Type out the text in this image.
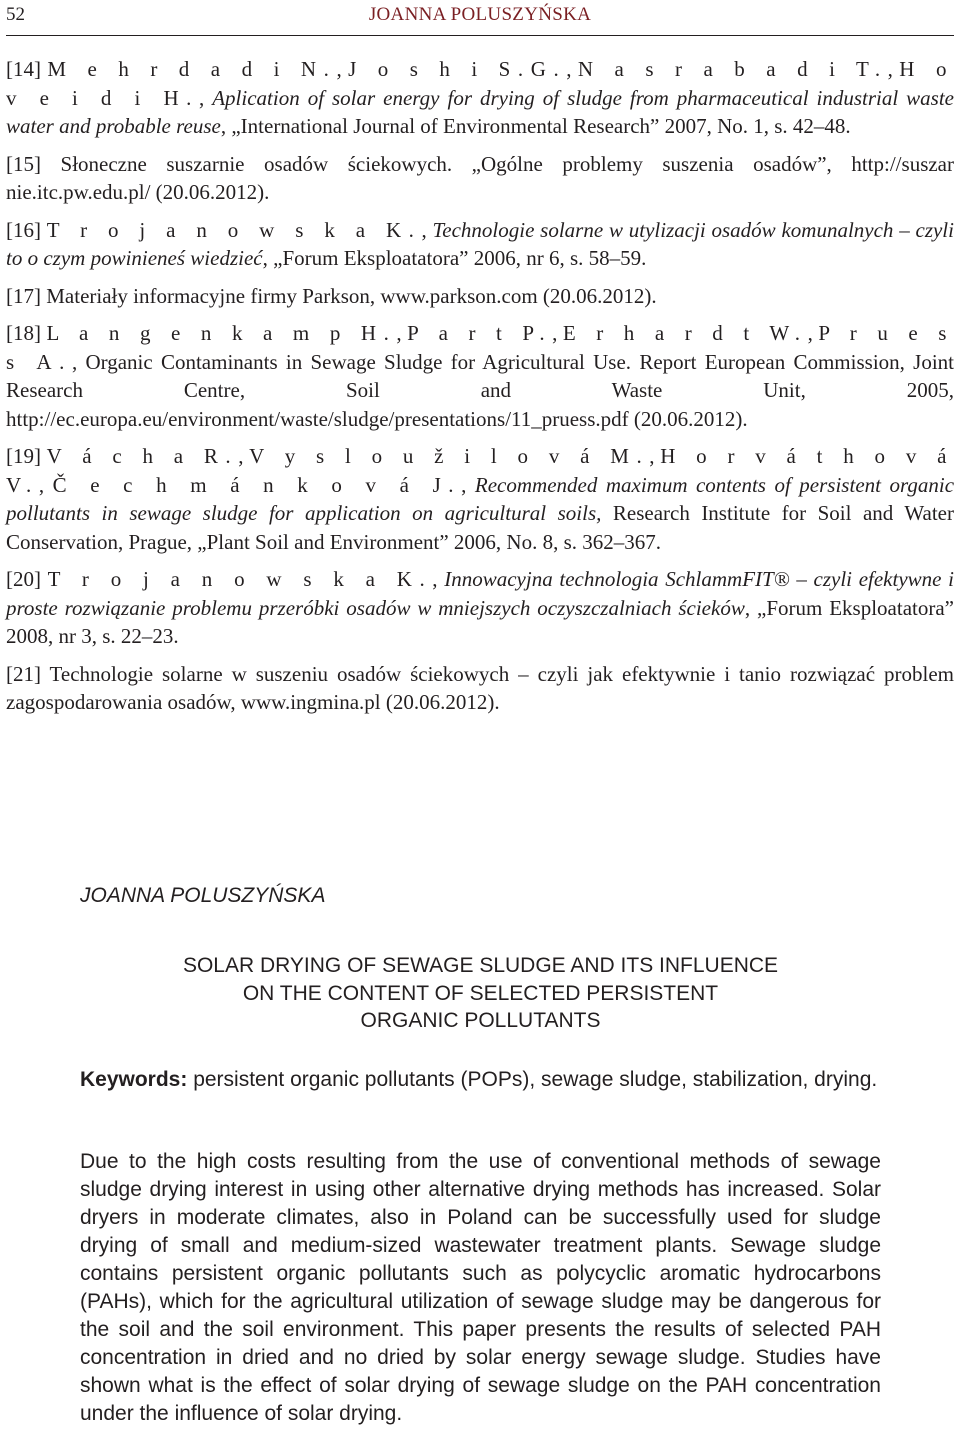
52	JOANNA POLUSZYŃSKA

[14] M e h r d a d i N., J o s h i S.G., N a s r a b a d i T., H o v e i d i H., Aplication of solar energy for drying of sludge from pharmaceutical industrial waste water and probable reuse, „International Journal of Environmental Research” 2007, No. 1, s. 42–48.

[15] Słoneczne suszarnie osadów ściekowych. „Ogólne problemy suszenia osadów”, http://suszar nie.itc.pw.edu.pl/ (20.06.2012).

[16] T r o j a n o w s k a K., Technologie solarne w utylizacji osadów komunalnych – czyli to o czym powinieneś wiedzieć, „Forum Eksploatatora” 2006, nr 6, s. 58–59.

[17] Materiały informacyjne firmy Parkson, www.parkson.com (20.06.2012).

[18] L a n g e n k a m p H., P a r t P., E r h a r d t W., P r u e s s A., Organic Contaminants in Sewage Sludge for Agricultural Use. Report European Commission, Joint Research Centre, Soil and Waste Unit, 2005, http://ec.europa.eu/environment/waste/sludge/presentations/11_pruess.pdf (20.06.2012).

[19] V á c h a R., V y s l o u ž i l o v á M., H o r v á t h o v á V., Č e c h m á n k o v á J., Recommended maximum contents of persistent organic pollutants in sewage sludge for application on agricultural soils, Research Institute for Soil and Water Conservation, Prague, „Plant Soil and Environment” 2006, No. 8, s. 362–367.

[20] T r o j a n o w s k a K., Innowacyjna technologia SchlammFIT® – czyli efektywne i proste rozwiązanie problemu przeróbki osadów w mniejszych oczyszczalniach ścieków, „Forum Eksploatatora” 2008, nr 3, s. 22–23.

[21] Technologie solarne w suszeniu osadów ściekowych – czyli jak efektywnie i tanio rozwiązać problem zagospodarowania osadów, www.ingmina.pl (20.06.2012).

JOANNA POLUSZYŃSKA
SOLAR DRYING OF SEWAGE SLUDGE AND ITS INFLUENCE
ON THE CONTENT OF SELECTED PERSISTENT
ORGANIC POLLUTANTS
Keywords: persistent organic pollutants (POPs), sewage sludge, stabilization, drying.
Due to the high costs resulting from the use of conventional methods of sewage sludge drying interest in using other alternative drying methods has increased. Solar dryers in moderate climates, also in Poland can be successfully used for sludge drying of small and medium-sized wastewater treatment plants. Sewage sludge contains persistent organic pollutants such as polycyclic aromatic hydrocarbons (PAHs), which for the agricultural utilization of sewage sludge may be dangerous for the soil and the soil environment. This paper presents the results of selected PAH concentration in dried and no dried by solar energy sewage sludge. Studies have shown what is the effect of solar drying of sewage sludge on the PAH concentration under the influence of solar drying.
